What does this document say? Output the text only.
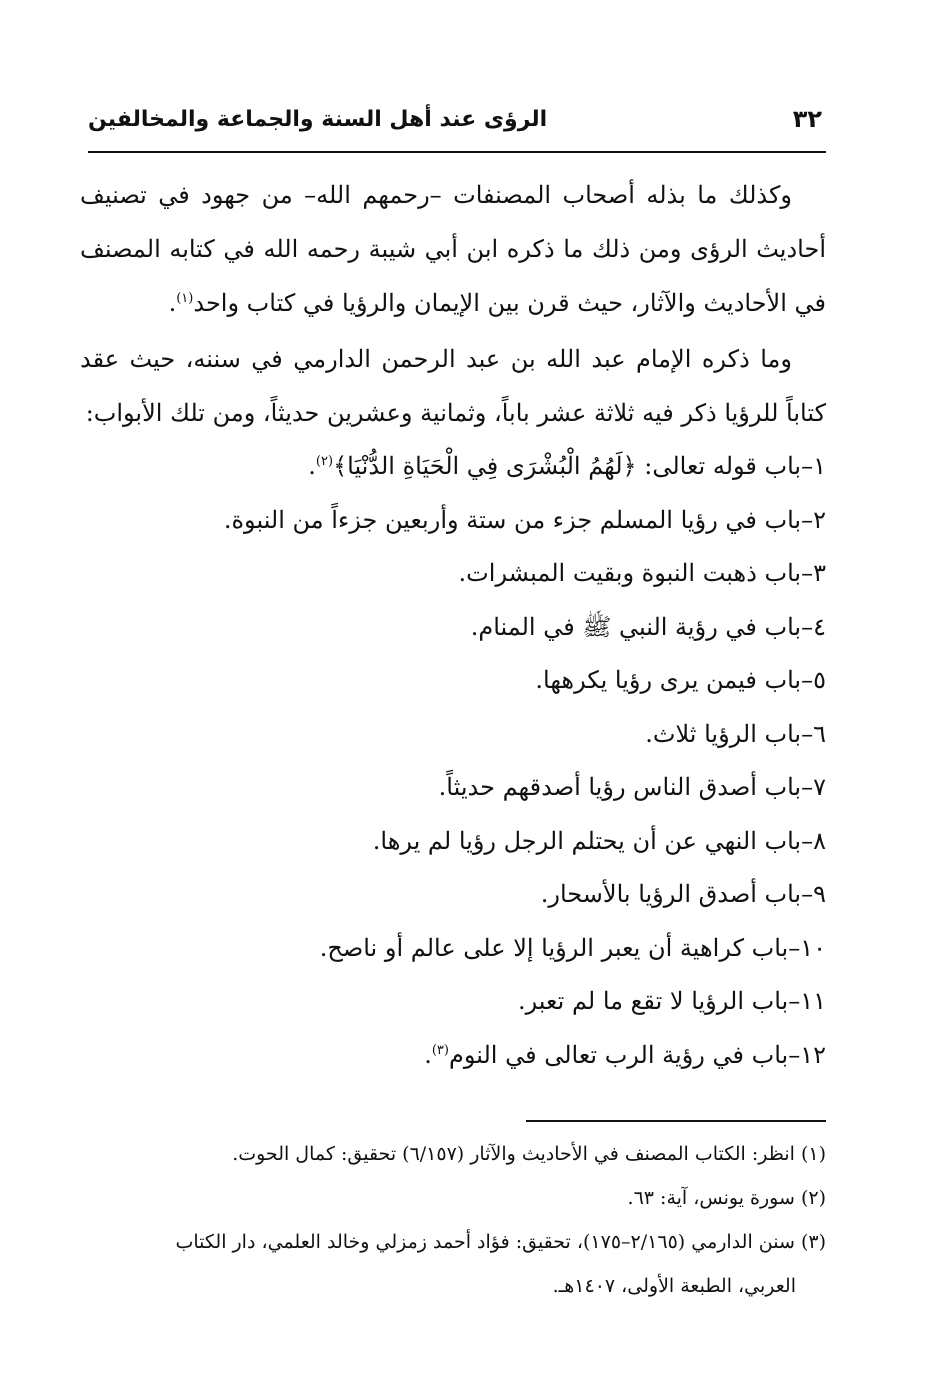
٣٢
الرؤى عند أهل السنة والجماعة والمخالفين

وكذلك ما بذله أصحاب المصنفات –رحمهم الله– من جهود في تصنيف أحاديث الرؤى ومن ذلك ما ذكره ابن أبي شيبة رحمه الله في كتابه المصنف في الأحاديث والآثار، حيث قرن بين الإيمان والرؤيا في كتاب واحد$^{(١)}$.

وما ذكره الإمام عبد الله بن عبد الرحمن الدارمي في سننه، حيث عقد كتاباً للرؤيا ذكر فيه ثلاثة عشر باباً، وثمانية وعشرين حديثاً، ومن تلك الأبواب:

١–باب قوله تعالى: ﴿لَهُمُ الْبُشْرَى فِي الْحَيَاةِ الدُّنْيَا﴾$^{(٢)}$.
٢–باب في رؤيا المسلم جزء من ستة وأربعين جزءاً من النبوة.
٣–باب ذهبت النبوة وبقيت المبشرات.
٤–باب في رؤية النبي ﷺ في المنام.
٥–باب فيمن يرى رؤيا يكرهها.
٦–باب الرؤيا ثلاث.
٧–باب أصدق الناس رؤيا أصدقهم حديثاً.
٨–باب النهي عن أن يحتلم الرجل رؤيا لم يرها.
٩–باب أصدق الرؤيا بالأسحار.
١٠–باب كراهية أن يعبر الرؤيا إلا على عالم أو ناصح.
١١–باب الرؤيا لا تقع ما لم تعبر.
١٢–باب في رؤية الرب تعالى في النوم$^{(٣)}$.

(١) انظر: الكتاب المصنف في الأحاديث والآثار (٦/١٥٧) تحقيق: كمال الحوت.

(٢) سورة يونس، آية: ٦٣.

(٣) سنن الدارمي (٢/١٦٥–١٧٥)، تحقيق: فؤاد أحمد زمزلي وخالد العلمي، دار الكتاب

العربي، الطبعة الأولى، ١٤٠٧هـ.
